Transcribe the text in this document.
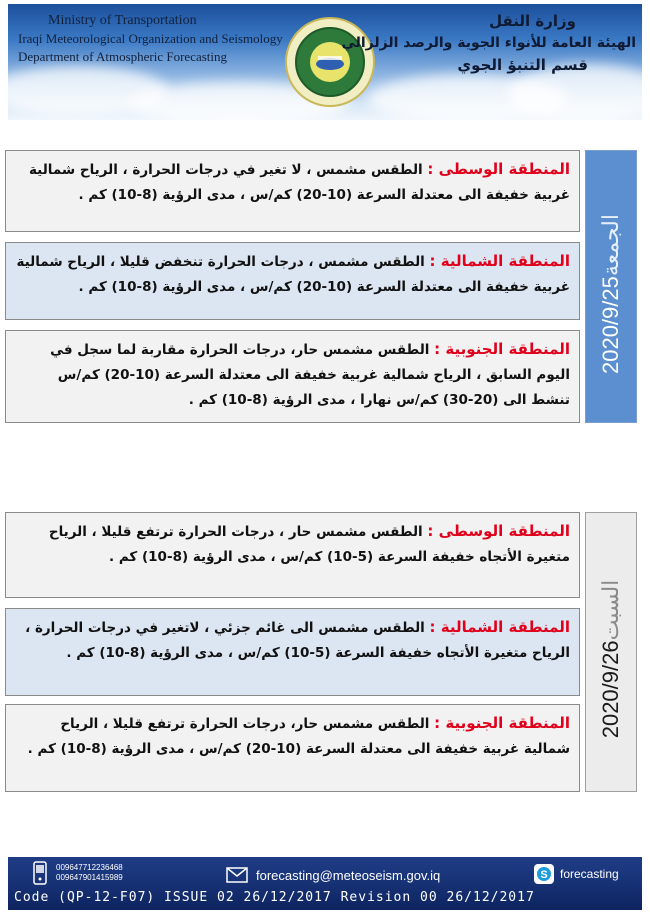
Ministry of Transportation
Iraqi Meteorological Organization and Seismology
Department of Atmospheric Forecasting
وزارة النقل
الهيئة العامة للأنواء الجوية والرصد الزلزالي
قسم التنبؤ الجوي
المنطقة الوسطى : الطقس مشمس ، لا تغير في درجات الحرارة ، الرياح شمالية غربية خفيفة الى معتدلة السرعة (10-20) كم/س ، مدى الرؤية (8-10) كم .
المنطقة الشمالية : الطقس مشمس ، درجات الحرارة تنخفض قليلا ، الرياح شمالية غربية خفيفة الى معتدلة السرعة (10-20) كم/س ، مدى الرؤية (8-10) كم .
المنطقة الجنوبية : الطقس مشمس حار، درجات الحرارة مقاربة لما سجل في اليوم السابق ، الرياح شمالية غربية خفيفة الى معتدلة السرعة (10-20) كم/س تنشط الى (20-30) كم/س نهارا ، مدى الرؤية (8-10) كم .
2020/9/25الجمعة
المنطقة الوسطى : الطقس مشمس حار ، درجات الحرارة ترتفع قليلا ، الرياح متغيرة الأتجاه خفيفة السرعة (5-10) كم/س ، مدى الرؤية (8-10) كم .
المنطقة الشمالية : الطقس مشمس الى غائم جزئي ، لاتغير في درجات الحرارة ، الرياح متغيرة الأتجاه خفيفة السرعة (5-10) كم/س ، مدى الرؤية (8-10) كم .
المنطقة الجنوبية : الطقس مشمس حار، درجات الحرارة ترتفع قليلا ، الرياح شمالية غربية خفيفة الى معتدلة السرعة (10-20) كم/س ، مدى الرؤية (8-10) كم .
2020/9/26السبت
009647712236468
009647901415989	forecasting@meteoseism.gov.iq	S forecasting
Code (QP-12-F07) ISSUE 02 26/12/2017 Revision 00 26/12/2017
